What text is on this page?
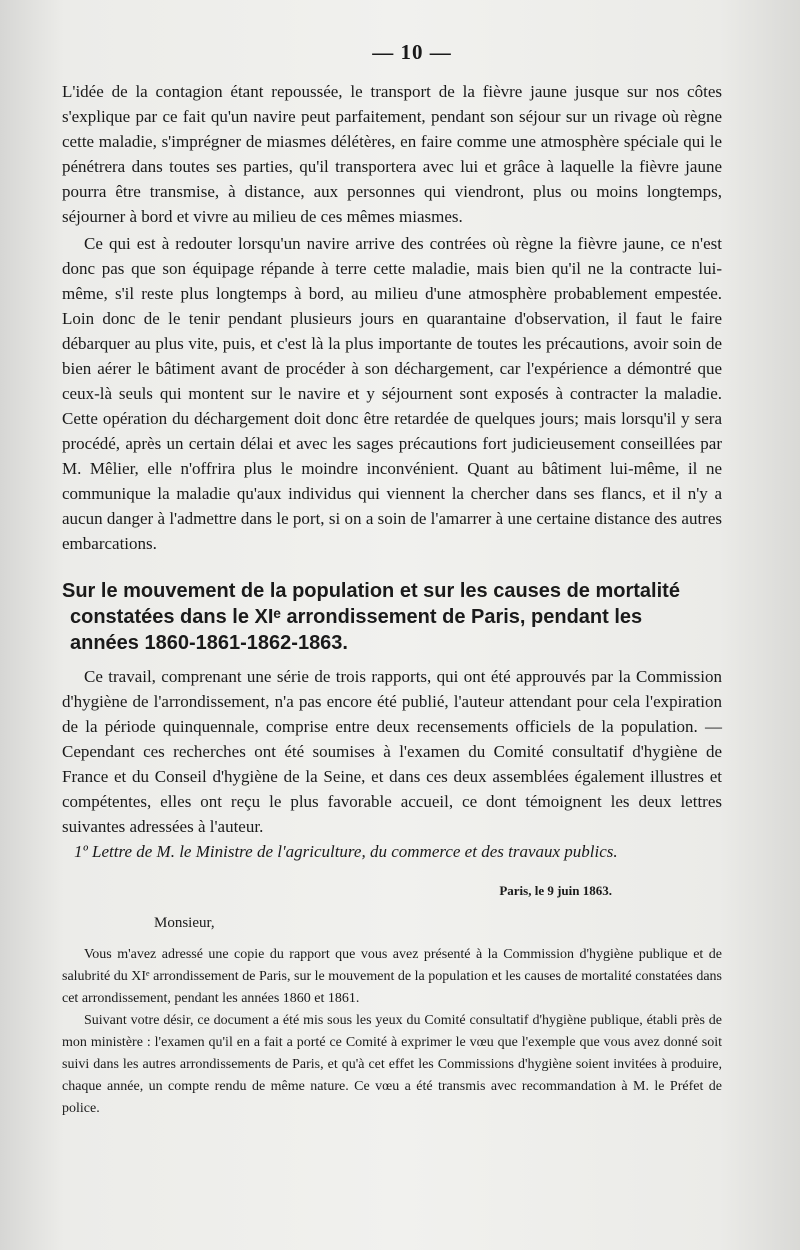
— 10 —

L'idée de la contagion étant repoussée, le transport de la fièvre jaune jusque sur nos côtes s'explique par ce fait qu'un navire peut parfaitement, pendant son séjour sur un rivage où règne cette maladie, s'imprégner de miasmes délétères, en faire comme une atmosphère spéciale qui le pénétrera dans toutes ses parties, qu'il transportera avec lui et grâce à laquelle la fièvre jaune pourra être transmise, à distance, aux personnes qui viendront, plus ou moins longtemps, séjourner à bord et vivre au milieu de ces mêmes miasmes.

Ce qui est à redouter lorsqu'un navire arrive des contrées où règne la fièvre jaune, ce n'est donc pas que son équipage répande à terre cette maladie, mais bien qu'il ne la contracte lui-même, s'il reste plus longtemps à bord, au milieu d'une atmosphère probablement empestée. Loin donc de le tenir pendant plusieurs jours en quarantaine d'observation, il faut le faire débarquer au plus vite, puis, et c'est là la plus importante de toutes les précautions, avoir soin de bien aérer le bâtiment avant de procéder à son déchargement, car l'expérience a démontré que ceux-là seuls qui montent sur le navire et y séjournent sont exposés à contracter la maladie. Cette opération du déchargement doit donc être retardée de quelques jours; mais lorsqu'il y sera procédé, après un certain délai et avec les sages précautions fort judicieusement conseillées par M. Mêlier, elle n'offrira plus le moindre inconvénient. Quant au bâtiment lui-même, il ne communique la maladie qu'aux individus qui viennent la chercher dans ses flancs, et il n'y a aucun danger à l'admettre dans le port, si on a soin de l'amarrer à une certaine distance des autres embarcations.

Sur le mouvement de la population et sur les causes de mortalité
constatées dans le XIᵉ arrondissement de Paris, pendant les
années 1860-1861-1862-1863.

Ce travail, comprenant une série de trois rapports, qui ont été approuvés par la Commission d'hygiène de l'arrondissement, n'a pas encore été publié, l'auteur attendant pour cela l'expiration de la période quinquennale, comprise entre deux recensements officiels de la population. — Cependant ces recherches ont été soumises à l'examen du Comité consultatif d'hygiène de France et du Conseil d'hygiène de la Seine, et dans ces deux assemblées également illustres et compétentes, elles ont reçu le plus favorable accueil, ce dont témoignent les deux lettres suivantes adressées à l'auteur.

1º Lettre de M. le Ministre de l'agriculture, du commerce et des travaux publics.

Paris, le 9 juin 1863.
Monsieur,

Vous m'avez adressé une copie du rapport que vous avez présenté à la Commission d'hygiène publique et de salubrité du XIᵉ arrondissement de Paris, sur le mouvement de la population et les causes de mortalité constatées dans cet arrondissement, pendant les années 1860 et 1861.

Suivant votre désir, ce document a été mis sous les yeux du Comité consultatif d'hygiène publique, établi près de mon ministère : l'examen qu'il en a fait a porté ce Comité à exprimer le vœu que l'exemple que vous avez donné soit suivi dans les autres arrondissements de Paris, et qu'à cet effet les Commissions d'hygiène soient invitées à produire, chaque année, un compte rendu de même nature. Ce vœu a été transmis avec recommandation à M. le Préfet de police.
